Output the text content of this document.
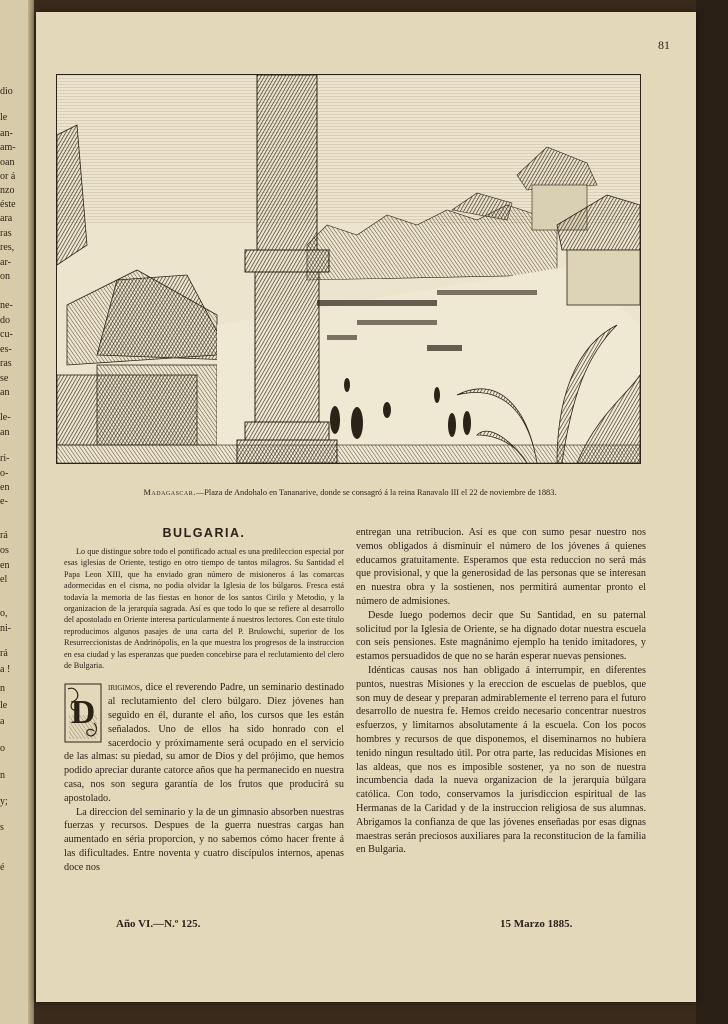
dio
le
an-
am-
oan
or á
nzo
éste
ara
ras
res,
ar-
on
ne-
do
cu-
es-
ras
se
an
le-
an
ri-
o-
en
e-
rá
os
en
el
o,
ni-
rá
a !
n
le
a
o
n
y;
s
é
81
Madagascar.—Plaza de Andohalo en Tananarive, donde se consagró á la reina Ranavalo III el 22 de noviembre de 1883.
BULGARIA.

Lo que distingue sobre todo el pontificado actual es una predileccion especial por esas iglesias de Oriente, testigo en otro tiempo de tantos milagros. Su Santidad el Papa Leon XIII, que ha enviado gran número de misioneros á las comarcas adormecidas en el cisma, no podia olvidar la Iglesia de los búlgaros. Fresca está todavía la memoria de las fiestas en honor de los santos Cirilo y Metodio, y la organizacion de la jerarquía sagrada. Así es que todo lo que se refiere al desarrollo del apostolado en Oriente interesa particularmente á nuestros lectores. Con este título reproducimos algunos pasajes de una carta del P. Brulowchi, superior de los Resurreccionistas de Andrinópolis, en la que muestra los progresos de la instruccion en esa ciudad y las esperanzas que pueden concebirse para el reclutamiento del clero de Bulgaria.

D
irigimos, dice el reverendo Padre, un seminario destinado al reclutamiento del clero búlgaro. Diez jóvenes han seguido en él, durante el año, los cursos que les están señalados. Uno de ellos ha sido honrado con el sacerdocio y próximamente será ocupado en el servicio de las almas: su piedad, su amor de Dios y del prójimo, que hemos podido apreciar durante catorce años que ha permanecido en nuestra casa, nos son segura garantía de los frutos que producirá su apostolado.

La direccion del seminario y la de un gimnasio absorben nuestras fuerzas y recursos. Despues de la guerra nuestras cargas han aumentado en séria proporcion, y no sabemos cómo hacer frente á las dificultades. Entre noventa y cuatro discípulos internos, apenas doce nos

entregan una retribucion. Así es que con sumo pesar nuestro nos vemos obligados á disminuir el número de los jóvenes á quienes educamos gratuitamente. Esperamos que esta reduccion no será más que provisional, y que la generosidad de las personas que se interesan en nuestra obra y la sostienen, nos permitirá aumentar pronto el número de admisiones.

Desde luego podemos decir que Su Santidad, en su paternal solicitud por la Iglesia de Oriente, se ha dignado dotar nuestra escuela con seis pensiones. Este magnánimo ejemplo ha tenido imitadores, y estamos persuadidos de que no se harán esperar nuevas pensiones.

Idénticas causas nos han obligado á interrumpir, en diferentes puntos, nuestras Misiones y la ereccion de escuelas de pueblos, que son muy de desear y preparan admirablemente el terreno para el futuro desarrollo de nuestra fe. Hemos creido necesario concentrar nuestros esfuerzos, y limitarnos absolutamente á la escuela. Con los pocos hombres y recursos de que disponemos, el diseminarnos no hubiera tenido ningun resultado útil. Por otra parte, las reducidas Misiones en las aldeas, que nos es imposible sostener, ya no son de nuestra incumbencia dada la nueva organizacion de la jerarquía búlgara católica. Con todo, conservamos la jurisdiccion espiritual de las Hermanas de la Caridad y de la instruccion religiosa de sus alumnas. Abrigamos la confianza de que las jóvenes enseñadas por esas dignas maestras serán preciosos auxiliares para la reconstitucion de la familia en Bulgaria.

Año VI.—N.º 125.	15 Marzo 1885.
